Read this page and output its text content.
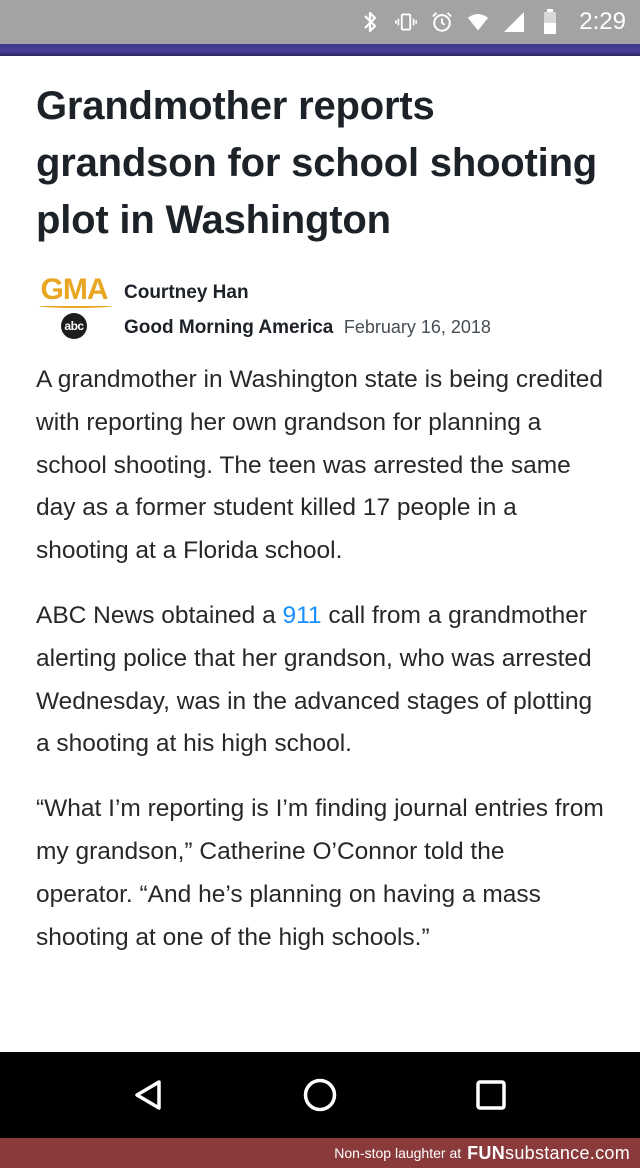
2:29
Grandmother reports grandson for school shooting plot in Washington
GMA
abc
Courtney Han
Good Morning America February 16, 2018

A grandmother in Washington state is being credited with reporting her own grandson for planning a school shooting. The teen was arrested the same day as a former student killed 17 people in a shooting at a Florida school.

ABC News obtained a 911 call from a grandmother alerting police that her grandson, who was arrested Wednesday, was in the advanced stages of plotting a shooting at his high school.

“What I’m reporting is I’m finding journal entries from my grandson,” Catherine O’Connor told the operator. “And he’s planning on having a mass shooting at one of the high schools.”

Non-stop laughter at FUNsubstance.com
